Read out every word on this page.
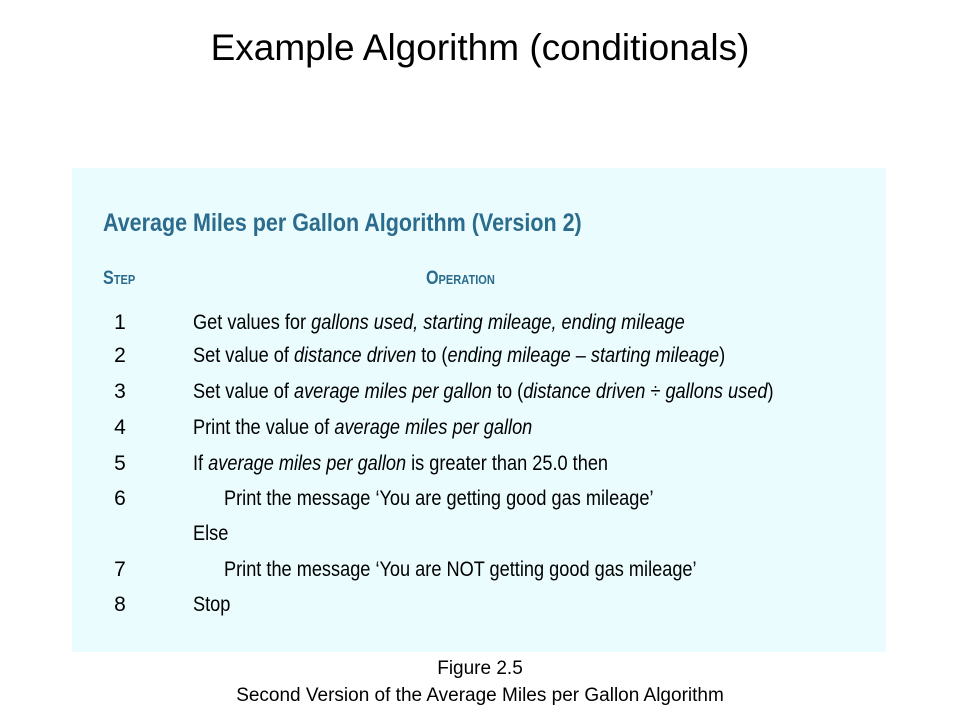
Example Algorithm (conditionals)
Average Miles per Gallon Algorithm (Version 2)
Step	Operation
1	Get values for gallons used, starting mileage, ending mileage
2	Set value of distance driven to (ending mileage – starting mileage)
3	Set value of average miles per gallon to (distance driven ÷ gallons used)
4	Print the value of average miles per gallon
5	If average miles per gallon is greater than 25.0 then
6	Print the message ‘You are getting good gas mileage’
Else
7	Print the message ‘You are NOT getting good gas mileage’
8	Stop
Figure 2.5
Second Version of the Average Miles per Gallon Algorithm
